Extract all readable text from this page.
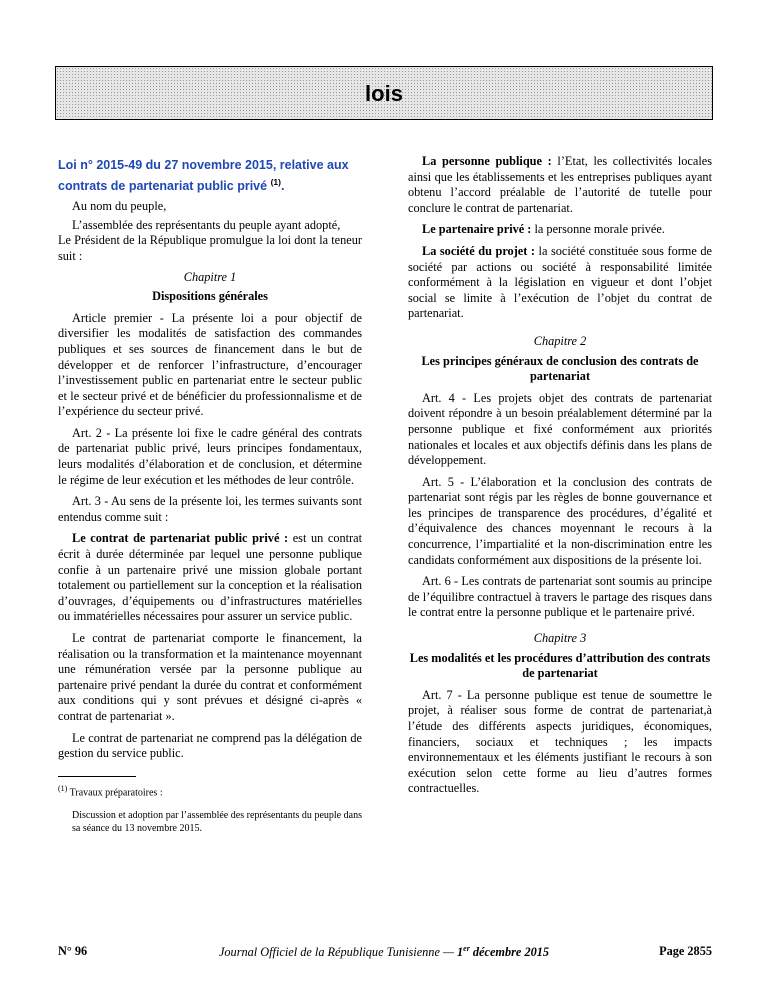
lois
Loi n° 2015-49 du 27 novembre 2015, relative aux contrats de partenariat public privé $^{(1)}$.

Au nom du peuple,

L’assemblée des représentants du peuple ayant adopté,

Le Président de la République promulgue la loi dont la teneur suit :

Chapitre 1
Dispositions générales

Article premier - La présente loi a pour objectif de diversifier les modalités de satisfaction des commandes publiques et ses sources de financement dans le but de développer et de renforcer l’infrastructure, d’encourager l’investissement public en partenariat entre le secteur public et le secteur privé et de bénéficier du professionnalisme et de l’expérience du secteur privé.

Art. 2 - La présente loi fixe le cadre général des contrats de partenariat public privé, leurs principes fondamentaux, leurs modalités d’élaboration et de conclusion, et détermine le régime de leur exécution et les méthodes de leur contrôle.

Art. 3 - Au sens de la présente loi, les termes suivants sont entendus comme suit :

Le contrat de partenariat public privé : est un contrat écrit à durée déterminée par lequel une personne publique confie à un partenaire privé une mission globale portant totalement ou partiellement sur la conception et la réalisation d’ouvrages, d’équipements ou d’infrastructures matérielles ou immatérielles nécessaires pour assurer un service public.

Le contrat de partenariat comporte le financement, la réalisation ou la transformation et la maintenance moyennant une rémunération versée par la personne publique au partenaire privé pendant la durée du contrat et conformément aux conditions qui y sont prévues et désigné ci-après « contrat de partenariat ».

Le contrat de partenariat ne comprend pas la délégation de gestion du service public.

$^{(1)}$ Travaux préparatoires :
Discussion et adoption par l’assemblée des représentants du peuple dans sa séance du 13 novembre 2015.

La personne publique : l’Etat, les collectivités locales ainsi que les établissements et les entreprises publiques ayant obtenu l’accord préalable de l’autorité de tutelle pour conclure le contrat de partenariat.

Le partenaire privé : la personne morale privée.

La société du projet : la société constituée sous forme de société par actions ou société à responsabilité limitée conformément à la législation en vigueur et dont l’objet social se limite à l’exécution de l’objet du contrat de partenariat.

Chapitre 2
Les principes généraux de conclusion des contrats de partenariat

Art. 4 - Les projets objet des contrats de partenariat doivent répondre à un besoin préalablement déterminé par la personne publique et fixé conformément aux priorités nationales et locales et aux objectifs définis dans les plans de développement.

Art. 5 - L’élaboration et la conclusion des contrats de partenariat sont régis par les règles de bonne gouvernance et les principes de transparence des procédures, d’égalité et d’équivalence des chances moyennant le recours à la concurrence, l’impartialité et la non-discrimination entre les candidats conformément aux dispositions de la présente loi.

Art. 6 - Les contrats de partenariat sont soumis au principe de l’équilibre contractuel à travers le partage des risques dans le contrat entre la personne publique et le partenaire privé.

Chapitre 3
Les modalités et les procédures d’attribution des contrats de partenariat

Art. 7 - La personne publique est tenue de soumettre le projet, à réaliser sous forme de contrat de partenariat,à l’étude des différents aspects juridiques, économiques, financiers, sociaux et techniques ; les impacts environnementaux et les éléments justifiant le recours à son exécution selon cette forme au lieu d’autres formes contractuelles.

N° 96	Journal Officiel de la République Tunisienne — 1er décembre 2015	Page 2855
